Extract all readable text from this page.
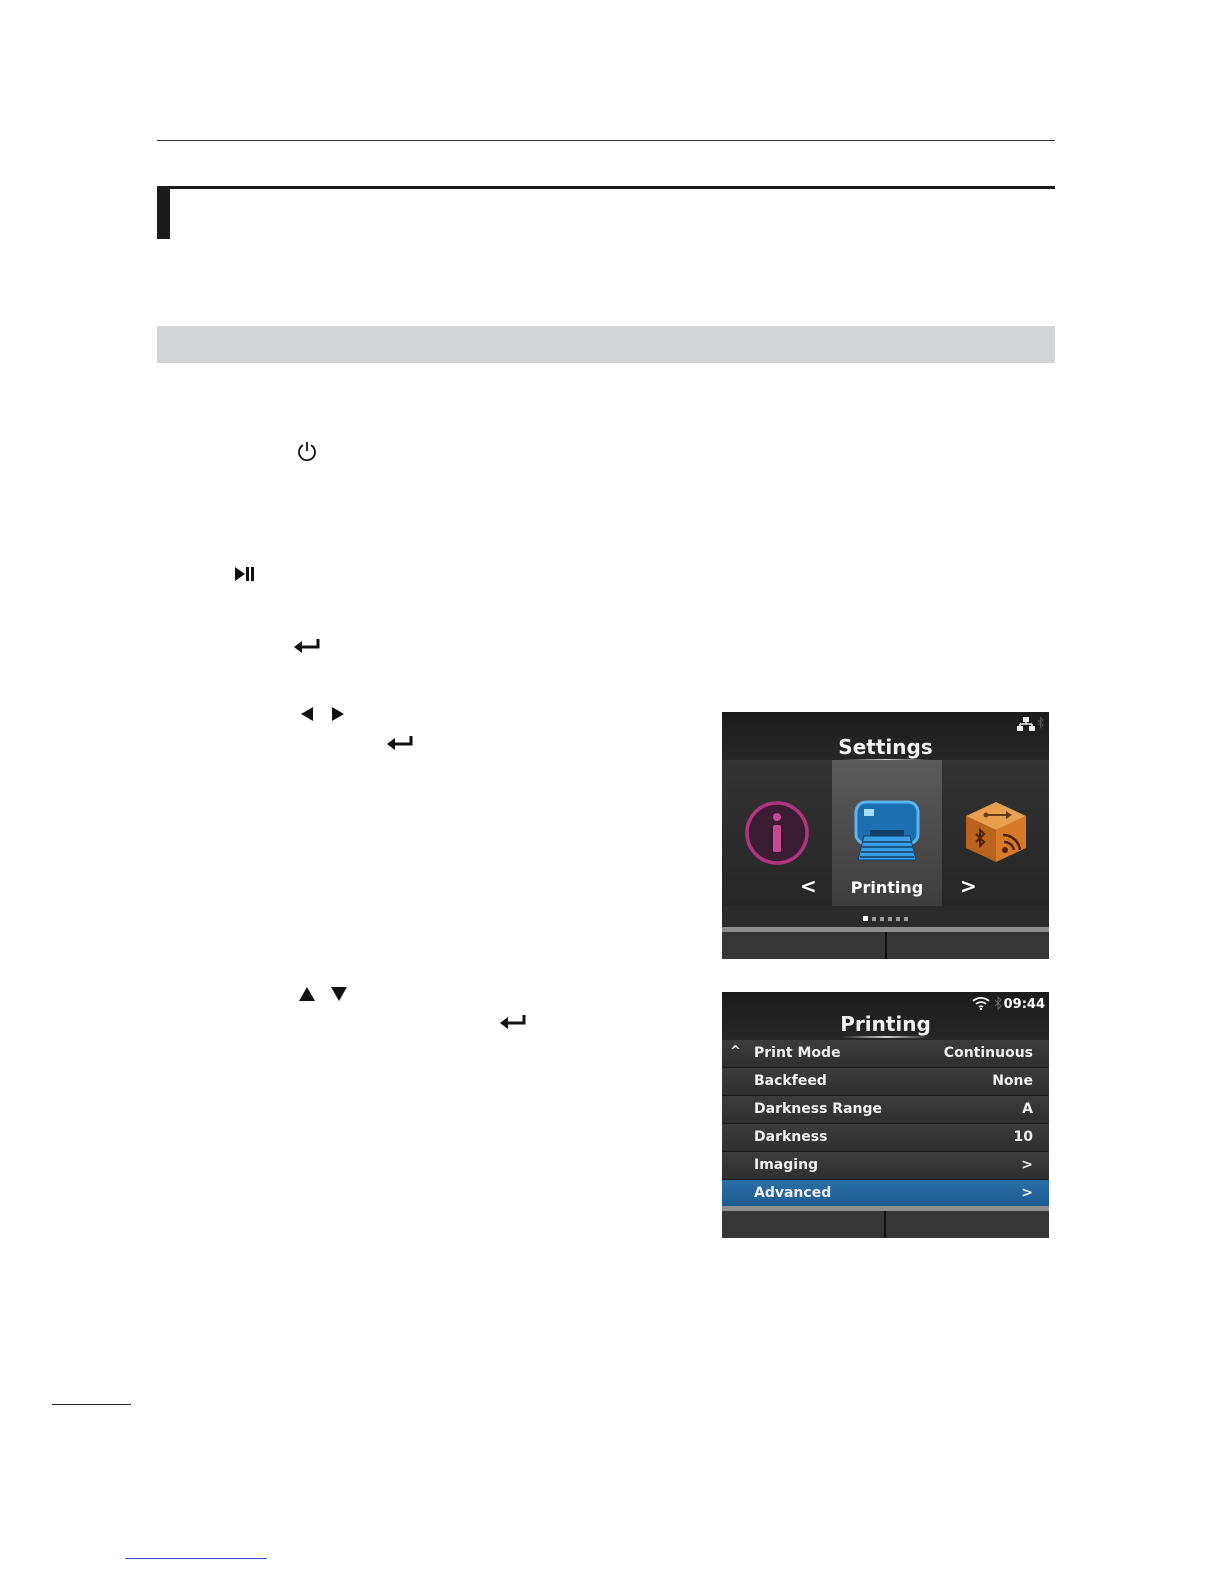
Settings
<	Printing	>
09:44
Printing
^ Print Mode	Continuous
Backfeed	None
Darkness Range	A
Darkness	10
Imaging	>
Advanced	>
